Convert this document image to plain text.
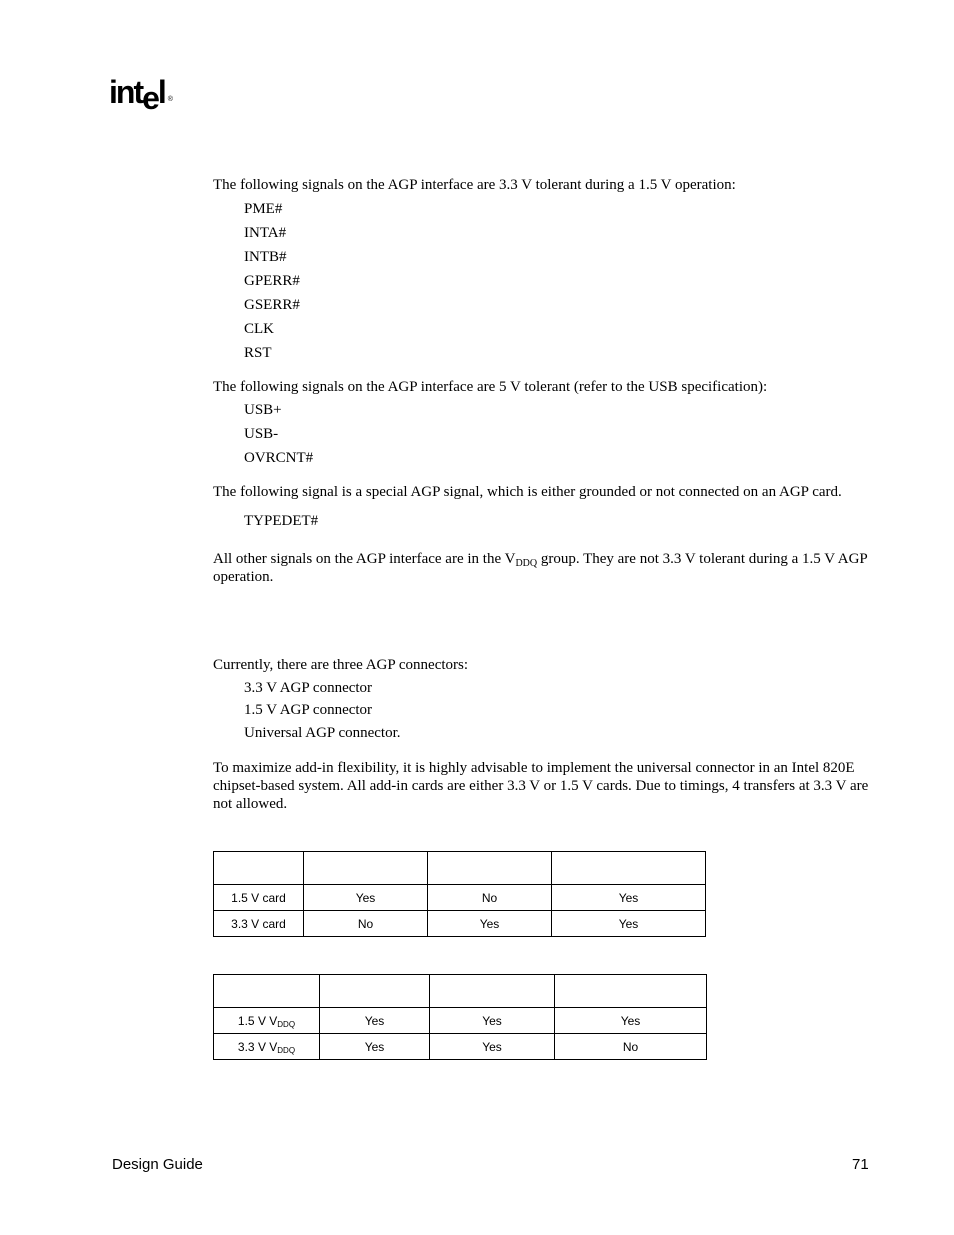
intel ®
The following signals on the AGP interface are 3.3 V tolerant during a 1.5 V operation:
PME#
INTA#
INTB#
GPERR#
GSERR#
CLK
RST
The following signals on the AGP interface are 5 V tolerant (refer to the USB specification):
USB+
USB-
OVRCNT#
The following signal is a special AGP signal, which is either grounded or not connected on an AGP card.
TYPEDET#
All other signals on the AGP interface are in the $V_{DDQ}$ group. They are not 3.3 V tolerant during a 1.5 V AGP operation.
Currently, there are three AGP connectors:
3.3 V AGP connector
1.5 V AGP connector
Universal AGP connector.
To maximize add-in flexibility, it is highly advisable to implement the universal connector in an Intel 820E chipset-based system. All add-in cards are either 3.3 V or 1.5 V cards. Due to timings, 4 transfers at 3.3 V are not allowed.

1.5 V card	Yes	No	Yes
3.3 V card	No	Yes	Yes

1.5 V VDDQ	Yes	Yes	Yes
3.3 V VDDQ	Yes	Yes	No
Design Guide	71
